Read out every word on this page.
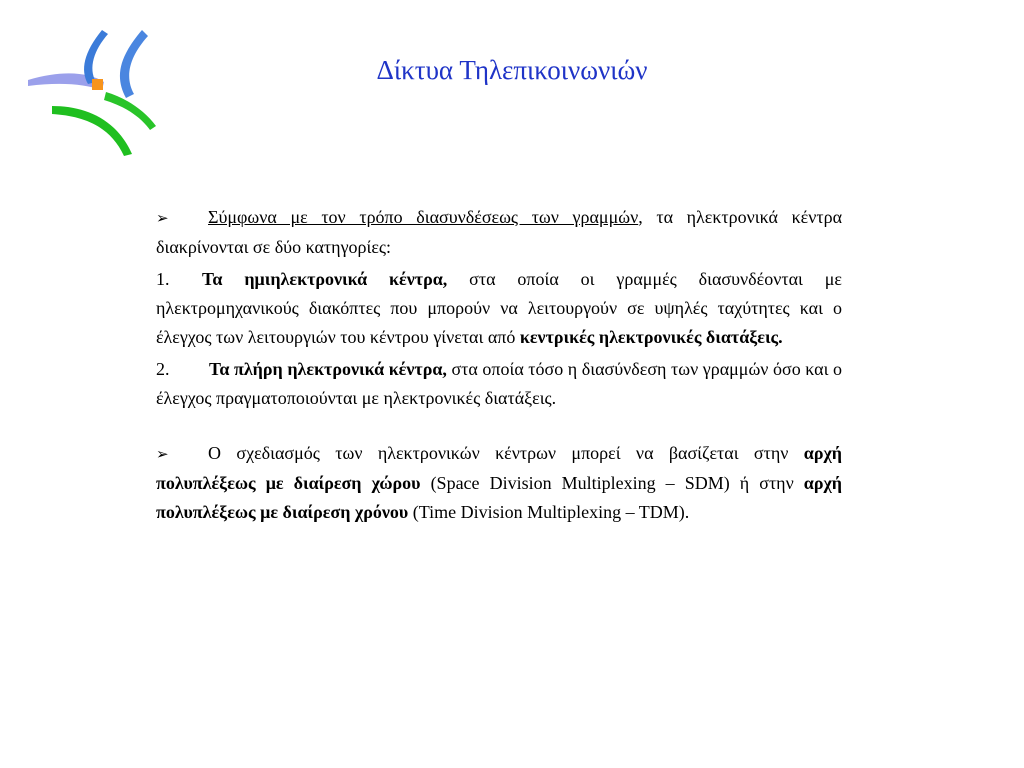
Δίκτυα Τηλεπικοινωνιών

➢ Σύμφωνα με τον τρόπο διασυνδέσεως των γραμμών, τα ηλεκτρονικά κέντρα διακρίνονται σε δύο κατηγορίες:

1. Τα ημιηλεκτρονικά κέντρα, στα οποία οι γραμμές διασυνδέονται με ηλεκτρομηχανικούς διακόπτες που μπορούν να λειτουργούν σε υψηλές ταχύτητες και ο έλεγχος των λειτουργιών του κέντρου γίνεται από κεντρικές ηλεκτρονικές διατάξεις.

2. Τα πλήρη ηλεκτρονικά κέντρα, στα οποία τόσο η διασύνδεση των γραμμών όσο και ο έλεγχος πραγματοποιούνται με ηλεκτρονικές διατάξεις.

➢ Ο σχεδιασμός των ηλεκτρονικών κέντρων μπορεί να βασίζεται στην αρχή πολυπλέξεως με διαίρεση χώρου (Space Division Multiplexing – SDM) ή στην αρχή πολυπλέξεως με διαίρεση χρόνου (Time Division Multiplexing – TDM).
